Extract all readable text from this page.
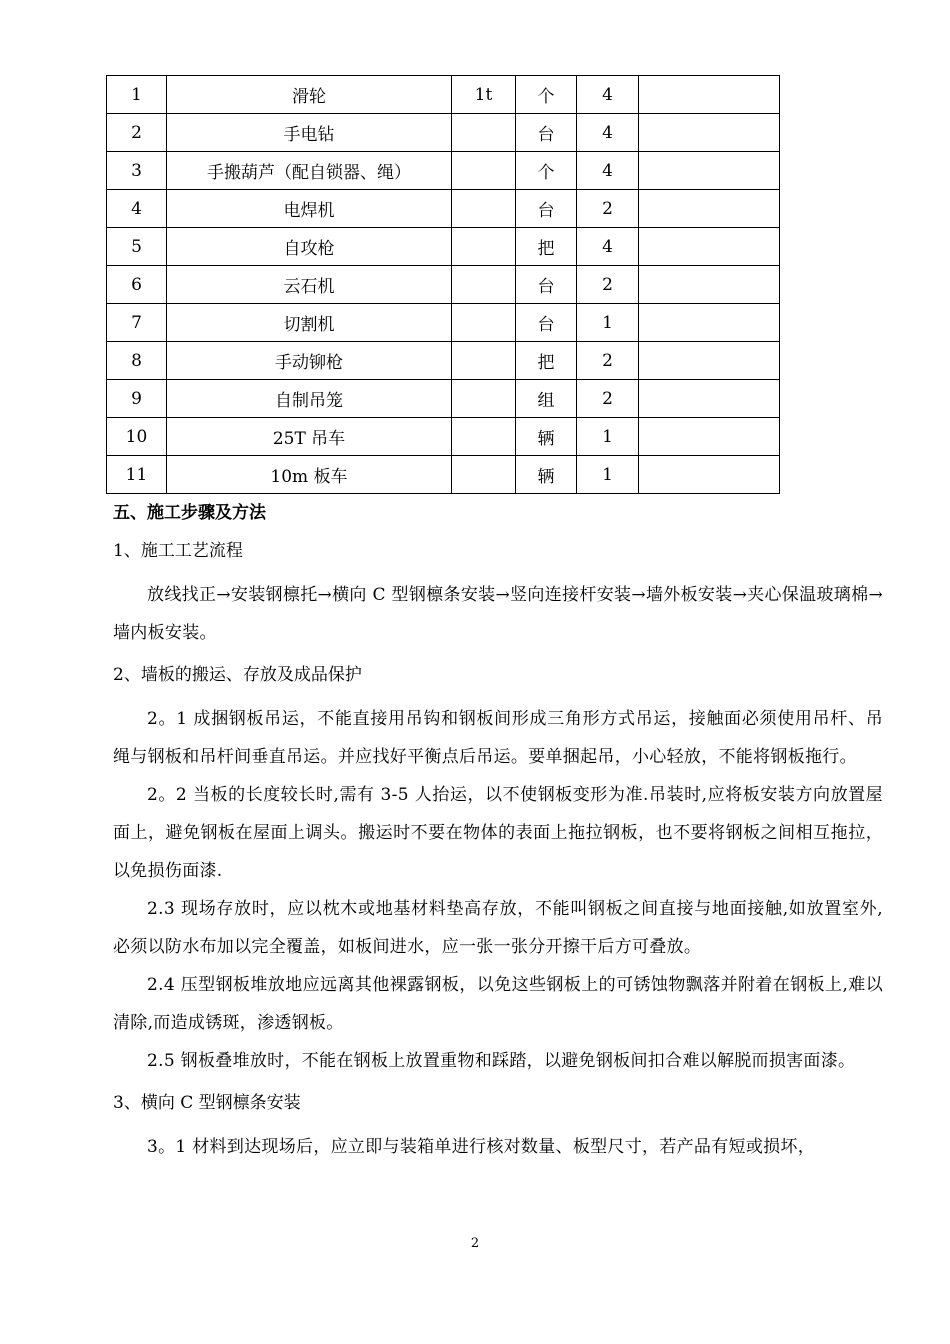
1	滑轮	1t	个	4	
2	手电钻		台	4	
3	手搬葫芦（配自锁器、绳）		个	4	
4	电焊机		台	2	
5	自攻枪		把	4	
6	云石机		台	2	
7	切割机		台	1	
8	手动铆枪		把	2	
9	自制吊笼		组	2	
10	25T 吊车		辆	1	
11	10m 板车		辆	1	
五、施工步骤及方法
1、施工工艺流程

放线找正→安装钢檩托→横向 C 型钢檩条安装→竖向连接杆安装→墙外板安装→夹心保温玻璃棉→墙内板安装。

2、墙板的搬运、存放及成品保护

2。1 成捆钢板吊运，不能直接用吊钩和钢板间形成三角形方式吊运，接触面必须使用吊杆、吊绳与钢板和吊杆间垂直吊运。并应找好平衡点后吊运。要单捆起吊，小心轻放，不能将钢板拖行。

2。2 当板的长度较长时,需有 3-5 人抬运，以不使钢板变形为准.吊装时,应将板安装方向放置屋面上，避免钢板在屋面上调头。搬运时不要在物体的表面上拖拉钢板，也不要将钢板之间相互拖拉，以免损伤面漆.

2.3 现场存放时，应以枕木或地基材料垫高存放，不能叫钢板之间直接与地面接触,如放置室外,必须以防水布加以完全覆盖，如板间进水，应一张一张分开擦干后方可叠放。

2.4 压型钢板堆放地应远离其他裸露钢板，以免这些钢板上的可锈蚀物飘落并附着在钢板上,难以清除,而造成锈斑，渗透钢板。

2.5 钢板叠堆放时，不能在钢板上放置重物和踩踏，以避免钢板间扣合难以解脱而损害面漆。

3、横向 C 型钢檩条安装

3。1 材料到达现场后，应立即与装箱单进行核对数量、板型尺寸，若产品有短或损坏，

2
